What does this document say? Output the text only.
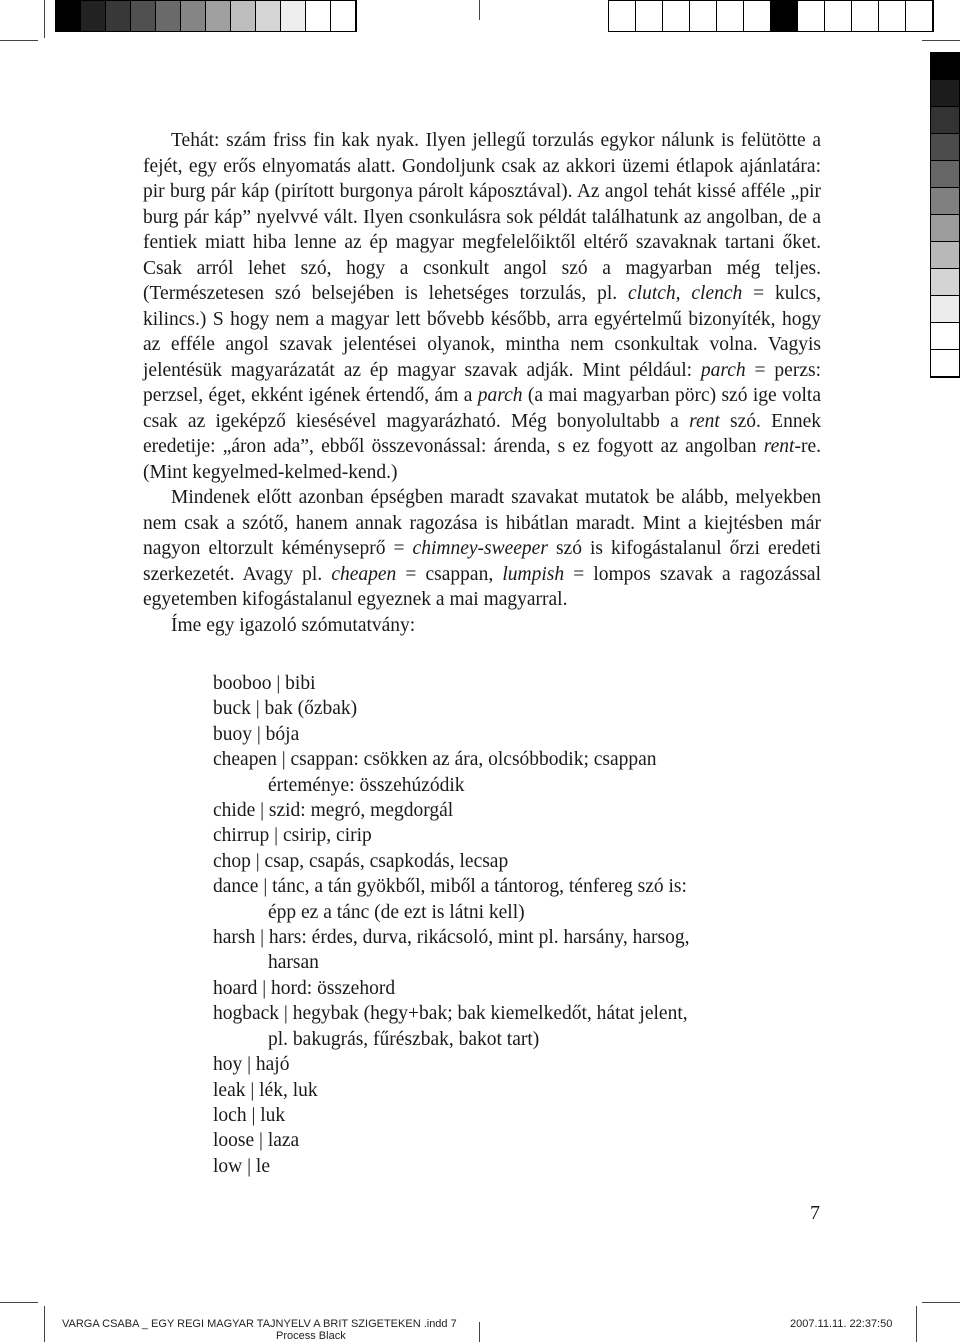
Tehát: szám friss fin kak nyak. Ilyen jellegű torzulás egykor nálunk is felütötte a fejét, egy erős elnyomatás alatt. Gondoljunk csak az akkori üzemi étlapok ajánlatára: pir burg pár káp (pirított burgonya párolt káposztával). Az angol tehát kissé afféle „pir burg pár káp” nyelvvé vált. Ilyen csonkulásra sok példát találhatunk az angolban, de a fentiek miatt hiba lenne az ép magyar megfelelőiktől eltérő szavaknak tartani őket. Csak arról lehet szó, hogy a csonkult angol szó a magyarban még teljes. (Természetesen szó belsejében is lehetséges torzulás, pl. clutch, clench = kulcs, kilincs.) S hogy nem a magyar lett bővebb később, arra egyértelmű bizonyíték, hogy az efféle angol szavak jelentései olyanok, mintha nem csonkultak volna. Vagyis jelentésük magyarázatát az ép magyar szavak adják. Mint például: parch = perzs: perzsel, éget, ekként igének értendő, ám a parch (a mai magyarban pörc) szó ige volta csak az igeképző kiesésével magyarázható. Még bonyolultabb a rent szó. Ennek eredetije: „áron ada”, ebből összevonással: árenda, s ez fogyott az angolban rent-re. (Mint kegyelmed-kelmed-kend.)

Mindenek előtt azonban épségben maradt szavakat mutatok be alább, melyekben nem csak a szótő, hanem annak ragozása is hibátlan maradt. Mint a kiejtésben már nagyon eltorzult kéményseprő = chimney-sweeper szó is kifogástalanul őrzi eredeti szerkezetét. Avagy pl. cheapen = csappan, lumpish = lompos szavak a ragozással egyetemben kifogástalanul egyeznek a mai magyarral.

Íme egy igazoló szómutatvány:

booboo | bibi

buck | bak (őzbak)

buoy | bója

cheapen | csappan: csökken az ára, olcsóbbodik; csappan érteménye: összehúzódik

chide | szid: megró, megdorgál

chirrup | csirip, cirip

chop | csap, csapás, csapkodás, lecsap

dance | tánc, a tán gyökből, miből a tántorog, ténfereg szó is: épp ez a tánc (de ezt is látni kell)

harsh | hars: érdes, durva, rikácsoló, mint pl. harsány, harsog, harsan

hoard | hord: összehord

hogback | hegybak (hegy+bak; bak kiemelkedőt, hátat jelent, pl. bakugrás, fűrészbak, bakot tart)

hoy | hajó

leak | lék, luk

loch | luk

loose | laza

low | le

7
VARGA CSABA _ EGY REGI MAGYAR TAJNYELV A BRIT SZIGETEKEN .indd 7
Process Black
2007.11.11. 22:37:50
